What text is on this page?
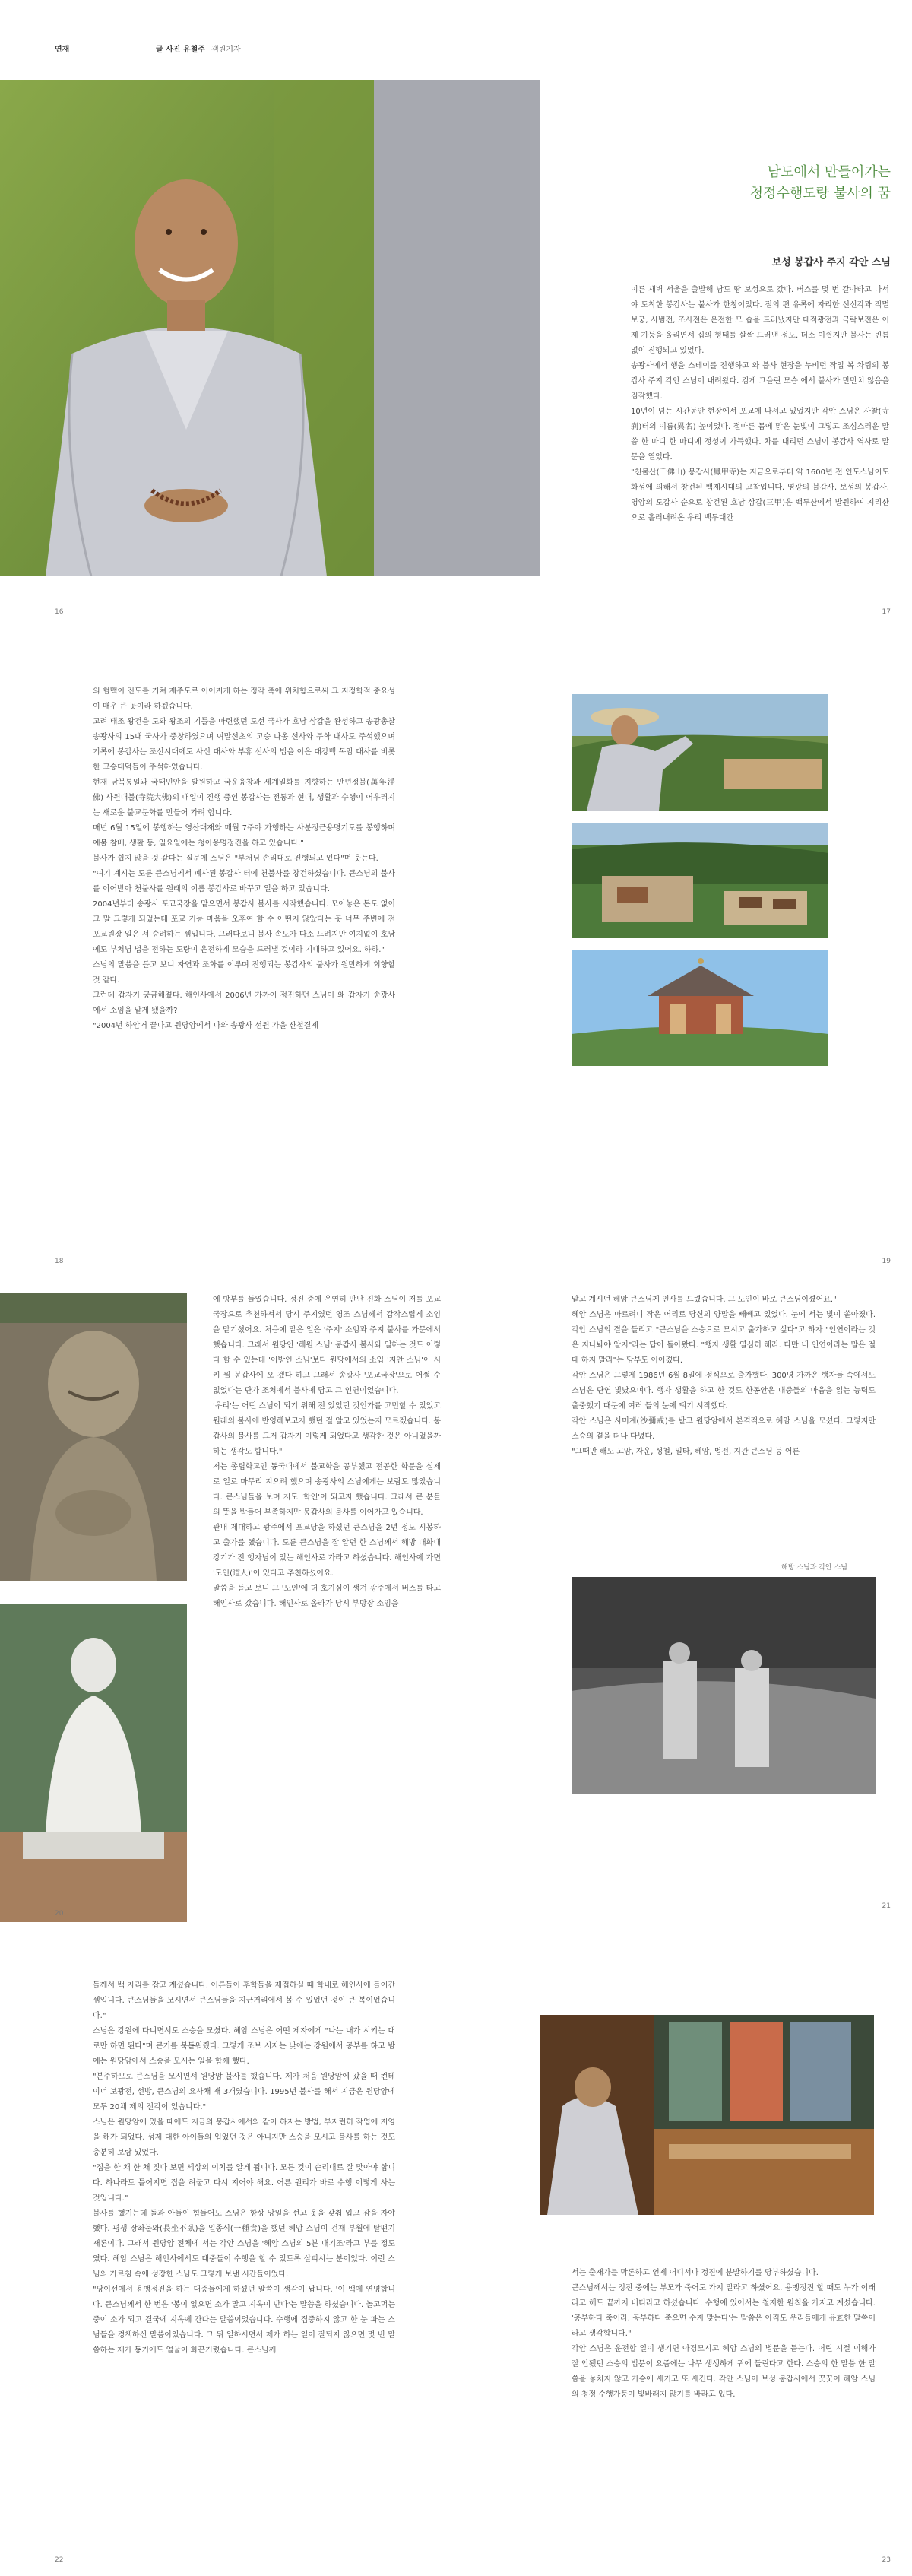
연재	글 사진 유철주 객원기자
남도에서 만들어가는
청정수행도량 불사의 꿈
보성 봉갑사 주지 각안 스님
이른 새벽 서울을 출발해 남도 땅 보성으로 갔다. 버스를 몇 번 갈아타고 나서야 도착한 봉갑사는 불사가 한창이었다. 절의 편 유록에 자리한 선신각과 적멸보궁, 사범전, 조사전은 온전한 모 습을 드러냈지만 대적광전과 극락보전은 이제 기둥을 올리면서 집의 형태를 살짝 드러낸 정도. 더소 이쉽지만 불사는 빈틈없이 진행되고 있었다.
송광사에서 행을 스테이를 진행하고 와 불사 현장을 누비던 작업 복 차림의 봉갑사 주지 각안 스님이 내려왔다. 검게 그을린 모습 에서 불사가 만만치 않음을 짐작했다.
10년이 넘는 시간동안 현장에서 포교에 나서고 있었지만 각안 스님은 사찰(寺刹)터의 이름(異名) 높이었다. 절마른 몸에 맑은 눈빛이 그렇고 조심스러운 말씀 한 마디 한 마디에 정성이 가득했다. 차를 내리던 스님이 봉갑사 역사로 말문을 열었다.
"천불산(千佛山) 봉갑사(鳳甲寺)는 지금으로부터 약 1600년 전 인도스님이도 화성에 의해서 창건된 백제시대의 고찰입니다. 영광의 불갑사, 보성의 봉갑사, 영암의 도갑사 순으로 창건된 호남 삼갑(三甲)은 백두산에서 발원하여 지리산으로 흘러내려온 우리 백두대간
16	17
의 혈맥이 진도를 거쳐 제주도로 이어지게 하는 정각 축에 위치함으로써 그 지정학적 중요성이 매우 큰 곳이라 하겠습니다.
고려 태조 왕건을 도와 왕조의 기틀을 마련했던 도선 국사가 호남 삼갑을 완성하고 송광총찰 송광사의 15대 국사가 중창하였으며 여말선초의 고승 나옹 선사와 무학 대사도 주석했으며 기록에 봉갑사는 조선시대에도 사신 대사와 부휴 선사의 법을 이은 대강백 목암 대사를 비롯한 고승대덕들이 주석하였습니다.
현재 남북통일과 국태민안을 발원하고 국운융창과 세계일화를 지향하는 만년정불(萬年淨佛) 사원대불(寺院大佛)의 대업이 진행 중인 봉갑사는 전통과 현대, 생활과 수행이 어우러지는 새로운 불교문화를 만들어 가려 합니다.
매년 6월 15일에 봉행하는 영산대재와 매월 7주야 가행하는 사분정근용명기도를 봉행하며 예불 참배, 생활 등, 일요일에는 청아용명정진을 하고 있습니다."
불사가 쉽지 않을 것 같다는 질문에 스님은 "부처님 손리대로 진행되고 있다"며 웃는다.
"여기 계시는 도륜 큰스님께서 폐사된 봉갑사 터에 천불사를 창건하셨습니다. 큰스님의 불사를 이어받아 천불사를 원래의 이름 봉갑사로 바꾸고 일을 하고 있습니다.
2004년부터 송광사 포교국장을 맡으면서 봉갑사 불사를 시작했습니다. 모아놓은 돈도 없이 그 말 그렇게 되었는데 포교 기능 마음을 오후여 할 수 어떤지 않았다는 곳 너무 주변에 전 포교원장 일은 서 승려하는 셈입니다. 그러다보니 불사 속도가 다소 느려지만 여지없이 호남에도 부처님 법을 전하는 도량이 온전하게 모습을 드러낼 것이라 기대하고 있어요. 하하."
스님의 말씀을 듣고 보니 자연과 조화를 이루며 진행되는 봉갑사의 불사가 원만하게 회향할 것 같다.
그런데 갑자기 궁금해졌다. 해인사에서 2006년 가까이 정진하던 스님이 왜 갑자기 송광사에서 소임을 맡게 됐을까?
"2004년 하안거 끝나고 원당암에서 나와 송광사 선원 가을 산철결제
18	19
에 방부를 들였습니다. 정진 중에 우연히 만난 진화 스님이 저를 포교국장으로 추천하셔서 당시 주지였던 영조 스님께서 갑작스럽게 소임을 맡기셨어요. 처음에 맡은 일은 '주지' 소임과 주지 불사를 가문에서 했습니다. 그래서 원당인 '해원 스님' 봉갑사 불사와 일하는 것도 이렇다 할 수 있는데 '이방인 스님'보다 원당에서의 소입 '지안 스님'이 시키 뭘 봉갑사에 오 겠다 하고 그래서 송광사 '포교국장'으로 어쩔 수 없었다는 단가 조처에서 불사에 담고 그 인연이었습니다.
'우리'는 어떤 스님이 되기 위해 전 있었던 것인가를 고민할 수 있었고 원래의 불사에 반영해보고자 했던 걸 알고 있었는지 모르겠습니다. 봉갑사의 불사를 그저 갑자기 이렇게 되었다고 생각한 것은 아니었을까 하는 생각도 합니다."
저는 종립학교인 동국대에서 불교학을 공부했고 전공한 학문을 실제로 일로 마무리 지으려 했으며 송광사의 스님에게는 보람도 많았습니다. 큰스님들을 보며 저도 '학인'이 되고자 했습니다. 그래서 큰 분들의 뜻을 받들어 부족하지만 봉갑사의 불사를 이어가고 있습니다.
관내 제대하고 광주에서 포교당을 하셨던 큰스님을 2년 정도 시봉하고 출가를 했습니다. 도륜 큰스님을 잘 알던 한 스님께서 해방 대화대 강기가 전 행자님이 있는 해인사로 가라고 하셨습니다. 해인사에 가면 '도인(道人)'이 있다고 추천하셨어요.
말씀을 듣고 보니 그 '도인'에 더 호기심이 생겨 광주에서 버스를 타고 해인사로 갔습니다. 해인사로 올라가 당시 부방장 소임을
맡고 계시던 혜암 큰스님께 인사를 드렸습니다. 그 도인이 바로 큰스님이셨어요."
혜암 스님은 마르려니 작은 어리로 당신의 양말을 빼빼고 있었다. 눈에 서는 빛이 쏟아졌다. 각안 스님의 결을 들리고 "큰스님을 스승으로 모시고 출가하고 싶다"고 하자 "인연이라는 것은 지나봐야 알지"라는 답이 돌아왔다. "행자 생활 열심히 해라. 다만 내 인연이라는 말은 절대 하지 말라"는 당부도 이어졌다.
각안 스님은 그렇게 1986년 6월 8일에 정식으로 출가했다. 300명 가까운 행자들 속에서도 스님은 단연 빛났으며다. 행자 생활을 하고 한 것도 한동안은 대중들의 마음을 읽는 능력도 출중했기 때문에 여러 들의 눈에 띄기 시작했다.
각안 스님은 사미계(沙彌戒)를 받고 원당암에서 본격적으로 혜암 스님을 모셨다. 그렇지만 스승의 곁을 떠나 다녔다.
"그때만 해도 고암, 자운, 성철, 일타, 혜암, 법전, 지관 큰스님 등 어른
해방 스님과 각안 스님
20
21
들께서 백 자리를 잡고 계셨습니다. 어른들이 후학들을 제접하실 때 학내로 해인사에 들어간 셈입니다. 큰스님들을 모시면서 큰스님들을 지근거리에서 볼 수 있었던 것이 큰 복이었습니다."
스님은 강원에 다니면서도 스승을 모셨다. 혜암 스님은 어떤 제자에게 "나는 내가 시키는 대로만 하면 된다"며 큰기를 북돋워줬다. 그렇게 조보 시자는 낮에는 강원에서 공부를 하고 밤에는 원당암에서 스승을 모시는 일을 함께 했다.
"분주하므로 큰스님을 모시면서 원당암 불사를 했습니다. 제가 처음 원당암에 갔을 때 컨테이너 보광전, 선방, 큰스님의 요사채 재 3개였습니다. 1995년 불사를 해서 지금은 원당암에 모두 20채 제의 전각이 있습니다."
스님은 원당암에 있을 때에도 지금의 봉갑사에서와 같이 하지는 방법, 부지런히 작업에 저영을 해가 되었다. 성제 대한 아이들의 입었던 것은 아니지만 스승을 모시고 불사를 하는 것도 충분히 보람 있었다.
"집을 한 채 한 채 짓다 보면 세상의 이치를 알게 됩니다. 모든 것이 순리대로 잘 맞아야 합니다. 하나라도 틀어지면 집을 허물고 다시 지어야 해요. 어른 원리가 바로 수행 이렇게 사는 것입니다."
불사를 했기는데 돌과 아들이 힘들어도 스님은 항상 앙일을 선고 옷을 갖춰 입고 잠을 자야 했다. 평생 장좌불와(長坐不臥)을 일종식(一種食)을 했던 혜암 스님이 건재 부월에 탈떤기 재론이다. 그래서 원당암 전체에 서는 각안 스님을 '혜암 스님의 5분 대기조'라고 부를 정도였다. 혜암 스님은 해인사에서도 대중들이 수행을 할 수 있도록 살피시는 분이었다. 이런 스님의 가르침 속에 성장한 스님도 그렇게 보낸 시간들이었다.
"당이선에서 용맹정진을 하는 대중들에게 하셨던 말씀이 생각이 납니다. '이 백에 연명합니다. 큰스님께서 한 번은 '봉이 없으면 소가 말고 지옥이 반다'는 말씀을 하셨습니다. 놀고먹는 중이 소가 되고 결국에 지옥에 간다는 말씀이었습니다. 수행에 집중하지 않고 한 눈 파는 스님들을 경책하신 말씀이었습니다. 그 뒤 일하시면서 제가 하는 일이 잘되지 않으면 몇 번 말씀하는 제가 동기에도 얼굴이 화끈거렸습니다. 큰스님께
서는 출재가를 막론하고 언제 어디서나 정진에 분발하기를 당부하셨습니다.
큰스님께서는 정진 중에는 부모가 죽어도 가지 말라고 하셨어요. 용맹정진 할 때도 누가 이래라고 해도 끝까지 버티라고 하셨습니다. 수행에 있어서는 철저한 원칙을 가지고 계셨습니다. '공부하다 죽어라. 공부하다 죽으면 수지 맞는다'는 말씀은 아직도 우리들에게 유효한 말씀이라고 생각합니다."
각안 스님은 운전할 일이 생기면 아경모시고 혜암 스님의 법문을 듣는다. 어린 시절 이해가 잘 안됐던 스승의 법문이 요즘에는 나무 생생하게 귀에 들린다고 한다. 스승의 한 말씀 한 말씀을 놓치지 않고 가슴에 새기고 또 새긴다. 각안 스님이 보성 봉갑사에서 꿋꿋이 혜암 스님의 청정 수행가풍이 빛바래지 않기를 바라고 있다.
22	23
